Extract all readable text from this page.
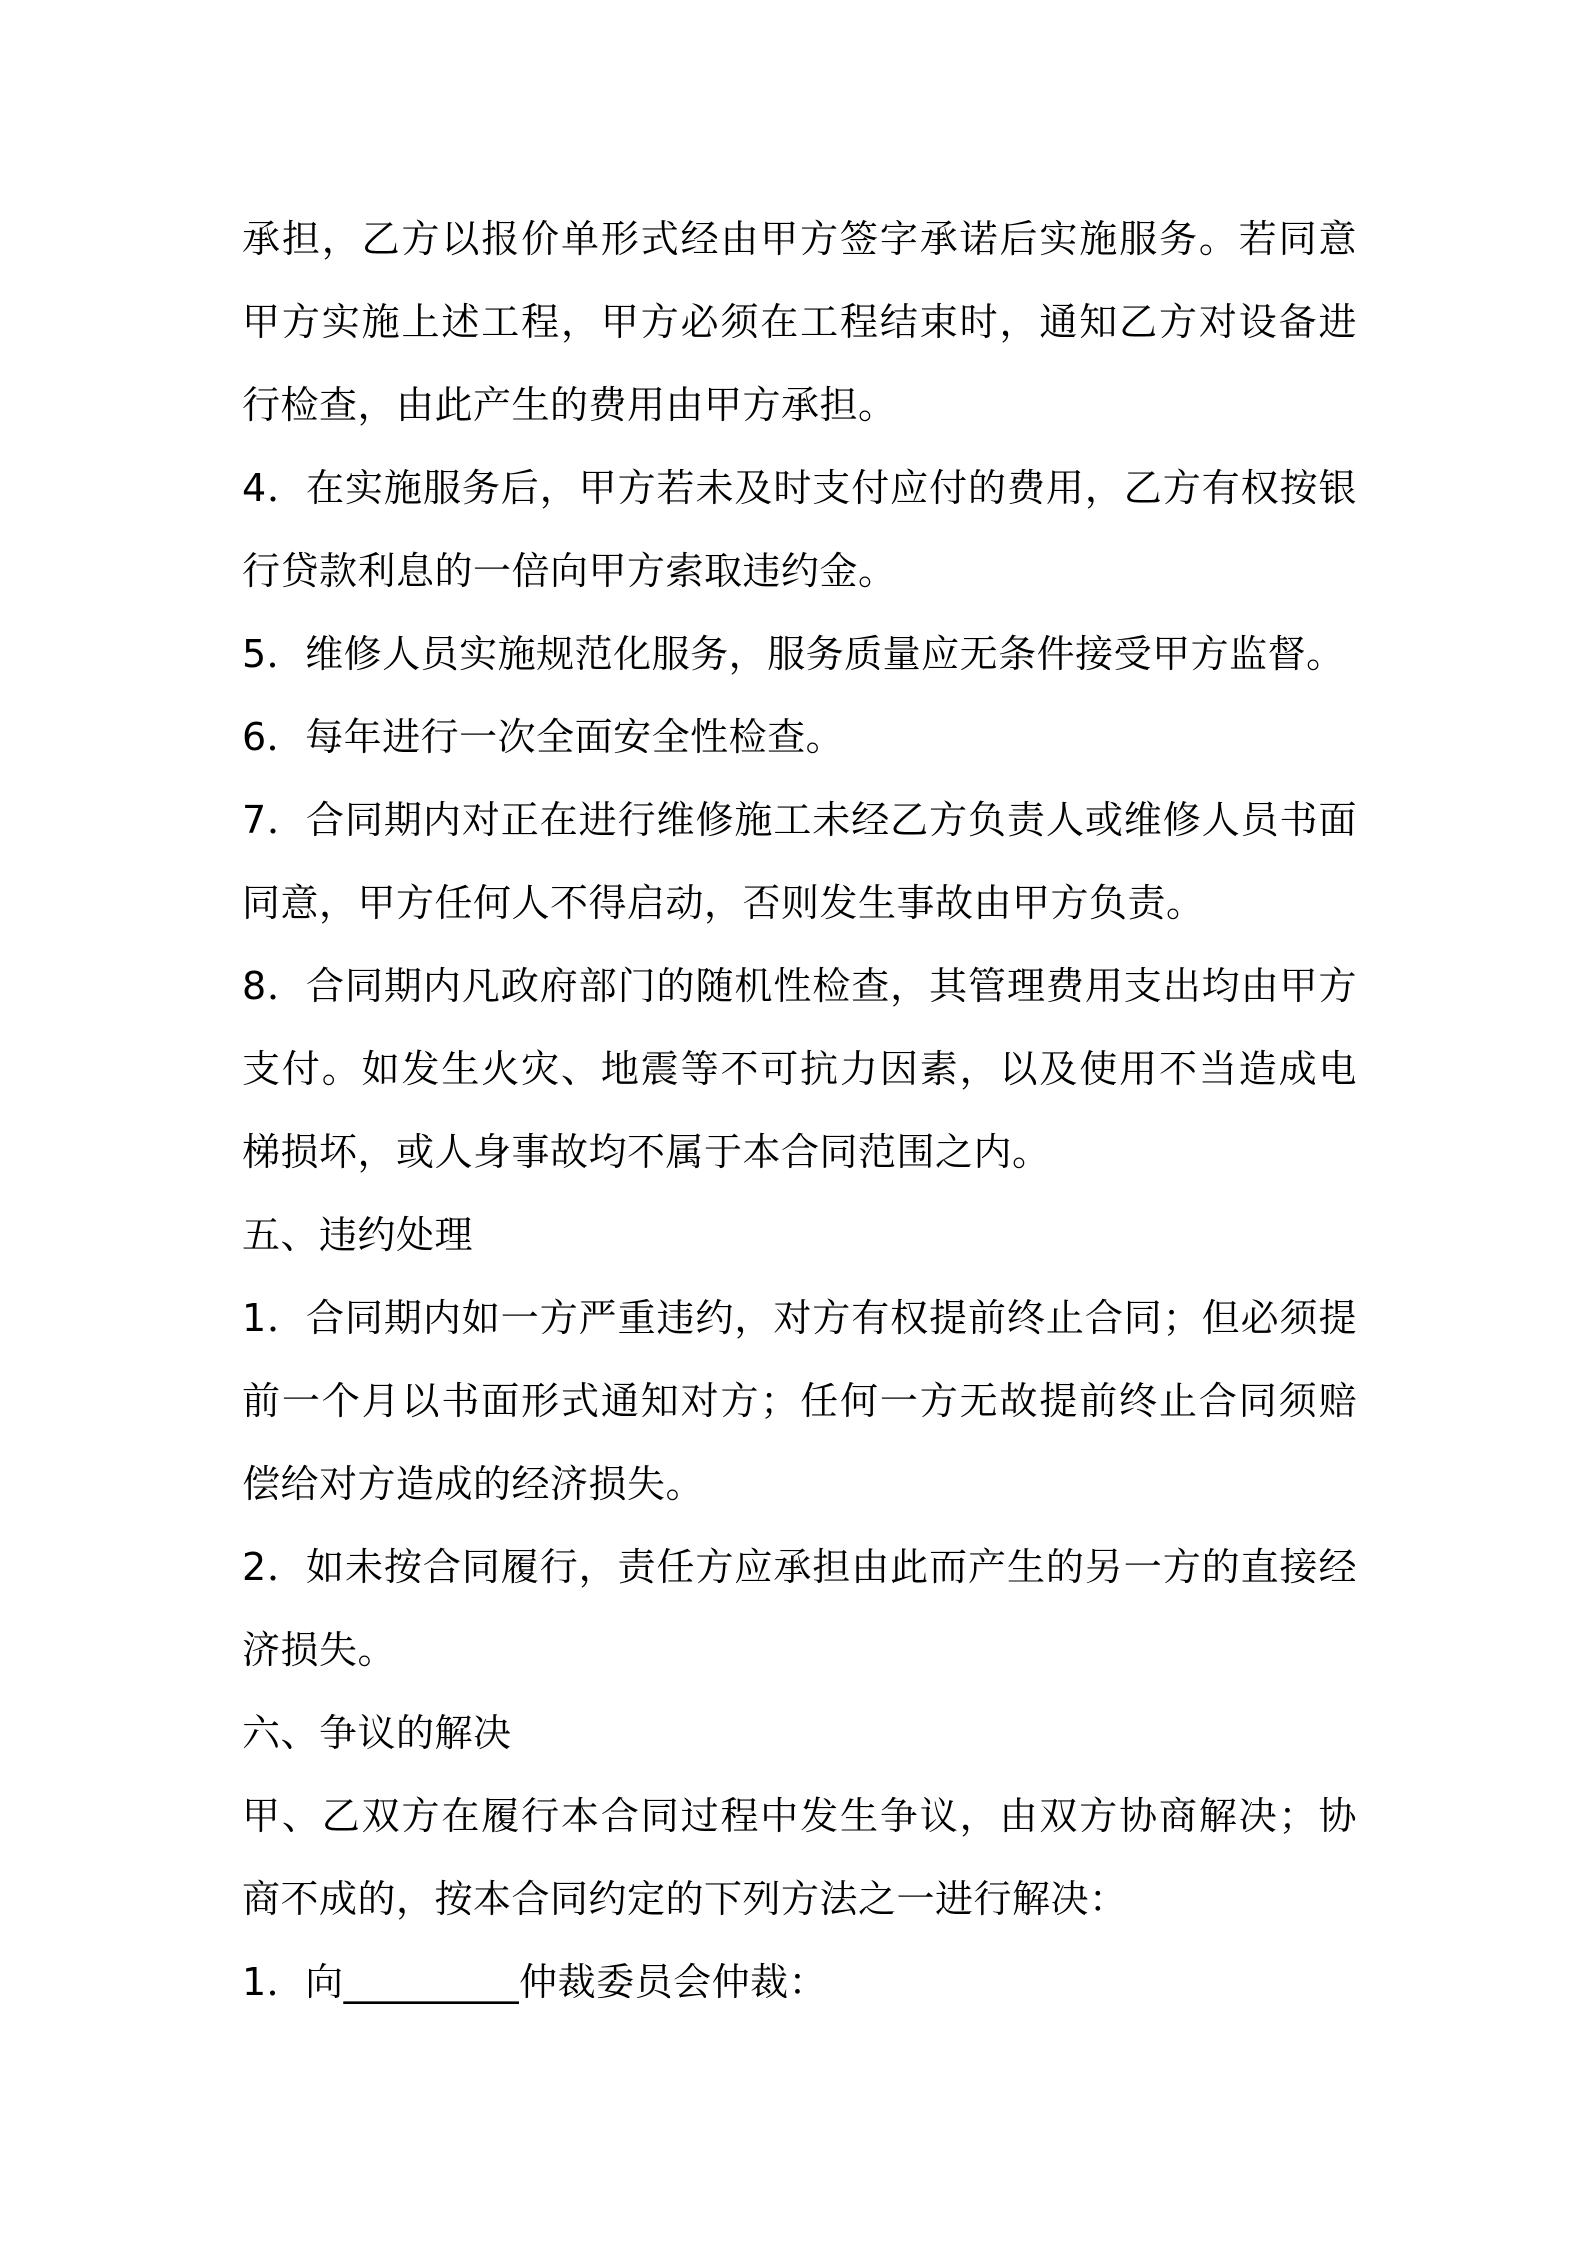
承担，乙方以报价单形式经由甲方签字承诺后实施服务。若同意甲方实施上述工程，甲方必须在工程结束时，通知乙方对设备进行检查，由此产生的费用由甲方承担。

4．在实施服务后，甲方若未及时支付应付的费用，乙方有权按银行贷款利息的一倍向甲方索取违约金。

5．维修人员实施规范化服务，服务质量应无条件接受甲方监督。

6．每年进行一次全面安全性检查。

7．合同期内对正在进行维修施工未经乙方负责人或维修人员书面同意，甲方任何人不得启动，否则发生事故由甲方负责。

8．合同期内凡政府部门的随机性检查，其管理费用支出均由甲方支付。如发生火灾、地震等不可抗力因素，以及使用不当造成电梯损坏，或人身事故均不属于本合同范围之内。

五、违约处理

1．合同期内如一方严重违约，对方有权提前终止合同；但必须提前一个月以书面形式通知对方；任何一方无故提前终止合同须赔偿给对方造成的经济损失。

2．如未按合同履行，责任方应承担由此而产生的另一方的直接经济损失。

六、争议的解决

甲、乙双方在履行本合同过程中发生争议，由双方协商解决；协商不成的，按本合同约定的下列方法之一进行解决：

1．向_________仲裁委员会仲裁：
